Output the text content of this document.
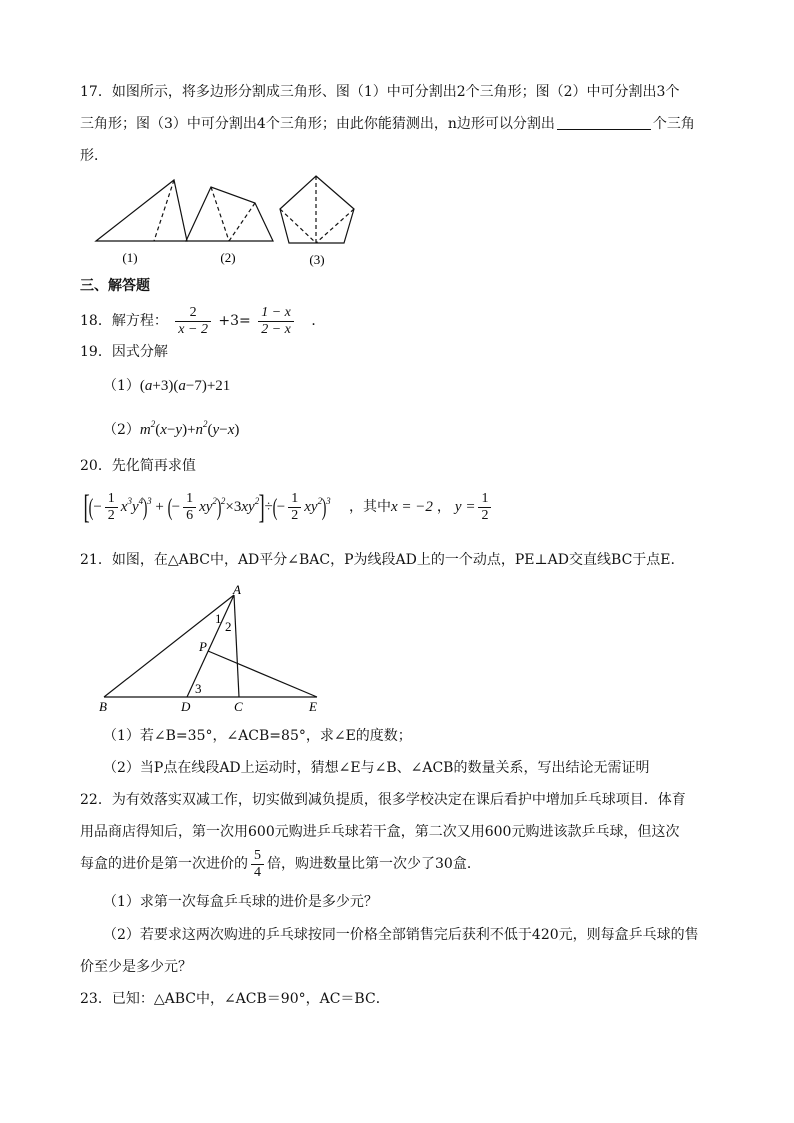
17．如图所示，将多边形分割成三角形、图（1）中可分割出2个三角形；图（2）中可分割出3个
三角形；图（3）中可分割出4个三角形；由此你能猜测出，n边形可以分割出	个三角
形．
(1)	(2)	(3)
三、解答题
18．解方程： $\frac{2}{x - 2} +3= \frac{1 - x}{2 - x}$ ．
19．因式分解
（1）(a+3)(a−7)+21
$(2)m^2(x-y)+n^2(y-x)$
20．先化简再求值
[(− $\frac{1}{2} x^3y^4)^3$ + (− $\frac{1}{6} xy^2)^2\times 3xy^2]\div(- \frac{1}{2} xy^2)^3$ ，其中x = −2 ， $y = \frac{1}{2}$
21．如图，在△ABC中，AD平分∠BAC，P为线段AD上的一个动点，PE⊥AD交直线BC于点E.
A
B	D	C	E
P
1
2
3
（1）若∠B=35°，∠ACB=85°，求∠E的度数；
（2）当P点在线段AD上运动时，猜想∠E与∠B、∠ACB的数量关系，写出结论无需证明
22．为有效落实双减工作，切实做到减负提质，很多学校决定在课后看护中增加乒乓球项目．体育
用品商店得知后，第一次用600元购进乒乓球若干盒，第二次又用600元购进该款乒乓球，但这次
每盒的进价是第一次进价的 $\frac{5}{4}$ 倍，购进数量比第一次少了30盒．
（1）求第一次每盒乒乓球的进价是多少元？
（2）若要求这两次购进的乒乓球按同一价格全部销售完后获利不低于420元，则每盒乒乓球的售
价至少是多少元？
23．已知：△ABC中，∠ACB＝90°，AC＝BC．
